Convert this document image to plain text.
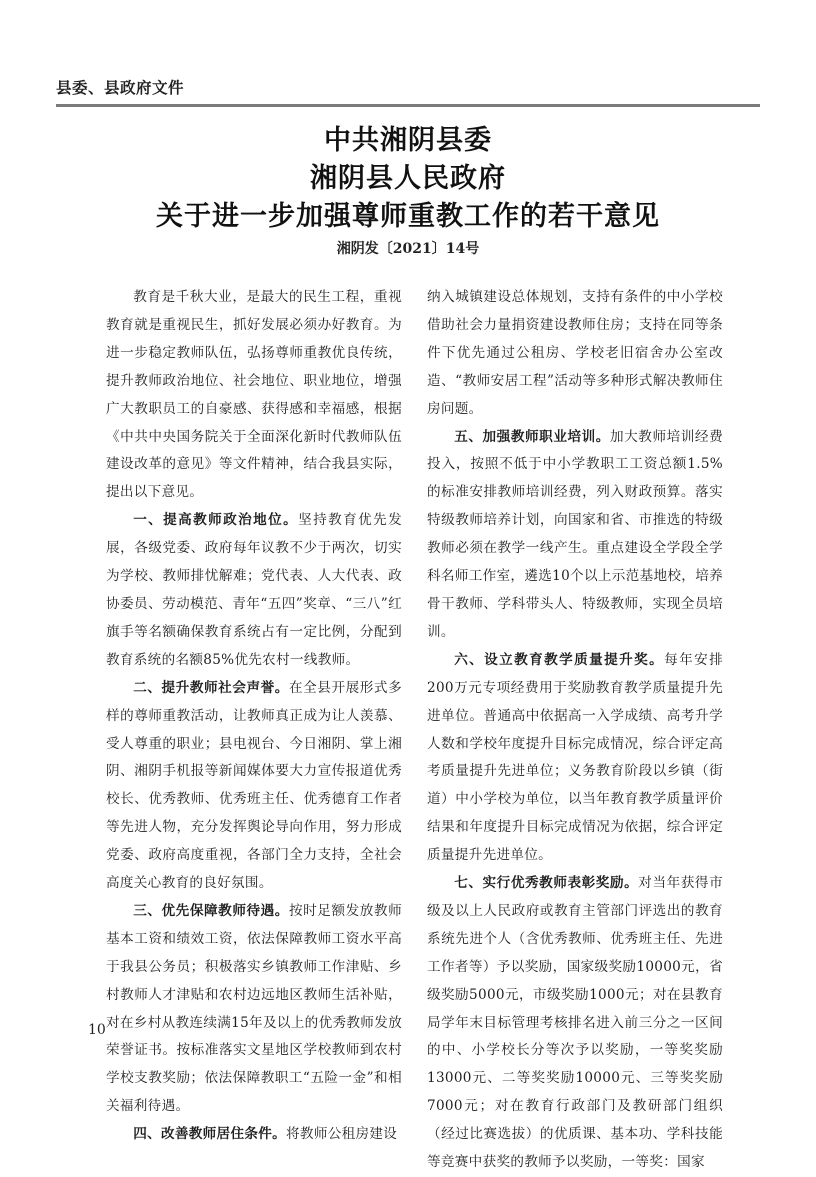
县委、县政府文件
中共湘阴县委
湘阴县人民政府
关于进一步加强尊师重教工作的若干意见
湘阴发〔2021〕14号

教育是千秋大业，是最大的民生工程，重视教育就是重视民生，抓好发展必须办好教育。为进一步稳定教师队伍，弘扬尊师重教优良传统，提升教师政治地位、社会地位、职业地位，增强广大教职员工的自豪感、获得感和幸福感，根据《中共中央国务院关于全面深化新时代教师队伍建设改革的意见》等文件精神，结合我县实际，提出以下意见。

一、提高教师政治地位。坚持教育优先发展，各级党委、政府每年议教不少于两次，切实为学校、教师排忧解难；党代表、人大代表、政协委员、劳动模范、青年“五四”奖章、“三八”红旗手等名额确保教育系统占有一定比例，分配到教育系统的名额85%优先农村一线教师。

二、提升教师社会声誉。在全县开展形式多样的尊师重教活动，让教师真正成为让人羡慕、受人尊重的职业；县电视台、今日湘阴、掌上湘阴、湘阴手机报等新闻媒体要大力宣传报道优秀校长、优秀教师、优秀班主任、优秀德育工作者等先进人物，充分发挥舆论导向作用，努力形成党委、政府高度重视，各部门全力支持，全社会高度关心教育的良好氛围。

三、优先保障教师待遇。按时足额发放教师基本工资和绩效工资，依法保障教师工资水平高于我县公务员；积极落实乡镇教师工作津贴、乡村教师人才津贴和农村边远地区教师生活补贴，对在乡村从教连续满15年及以上的优秀教师发放荣誉证书。按标准落实文星地区学校教师到农村学校支教奖励；依法保障教职工“五险一金”和相关福利待遇。

四、改善教师居住条件。将教师公租房建设

纳入城镇建设总体规划，支持有条件的中小学校借助社会力量捐资建设教师住房；支持在同等条件下优先通过公租房、学校老旧宿舍办公室改造、“教师安居工程”活动等多种形式解决教师住房问题。

五、加强教师职业培训。加大教师培训经费投入，按照不低于中小学教职工工资总额1.5%的标准安排教师培训经费，列入财政预算。落实特级教师培养计划，向国家和省、市推选的特级教师必须在教学一线产生。重点建设全学段全学科名师工作室，遴选10个以上示范基地校，培养骨干教师、学科带头人、特级教师，实现全员培训。

六、设立教育教学质量提升奖。每年安排200万元专项经费用于奖励教育教学质量提升先进单位。普通高中依据高一入学成绩、高考升学人数和学校年度提升目标完成情况，综合评定高考质量提升先进单位；义务教育阶段以乡镇（街道）中小学校为单位，以当年教育教学质量评价结果和年度提升目标完成情况为依据，综合评定质量提升先进单位。

七、实行优秀教师表彰奖励。对当年获得市级及以上人民政府或教育主管部门评选出的教育系统先进个人（含优秀教师、优秀班主任、先进工作者等）予以奖励，国家级奖励10000元，省级奖励5000元，市级奖励1000元；对在县教育局学年末目标管理考核排名进入前三分之一区间的中、小学校长分等次予以奖励，一等奖奖励13000元、二等奖奖励10000元、三等奖奖励7000元；对在教育行政部门及教研部门组织（经过比赛选拔）的优质课、基本功、学科技能等竞赛中获奖的教师予以奖励，一等奖：国家

10
